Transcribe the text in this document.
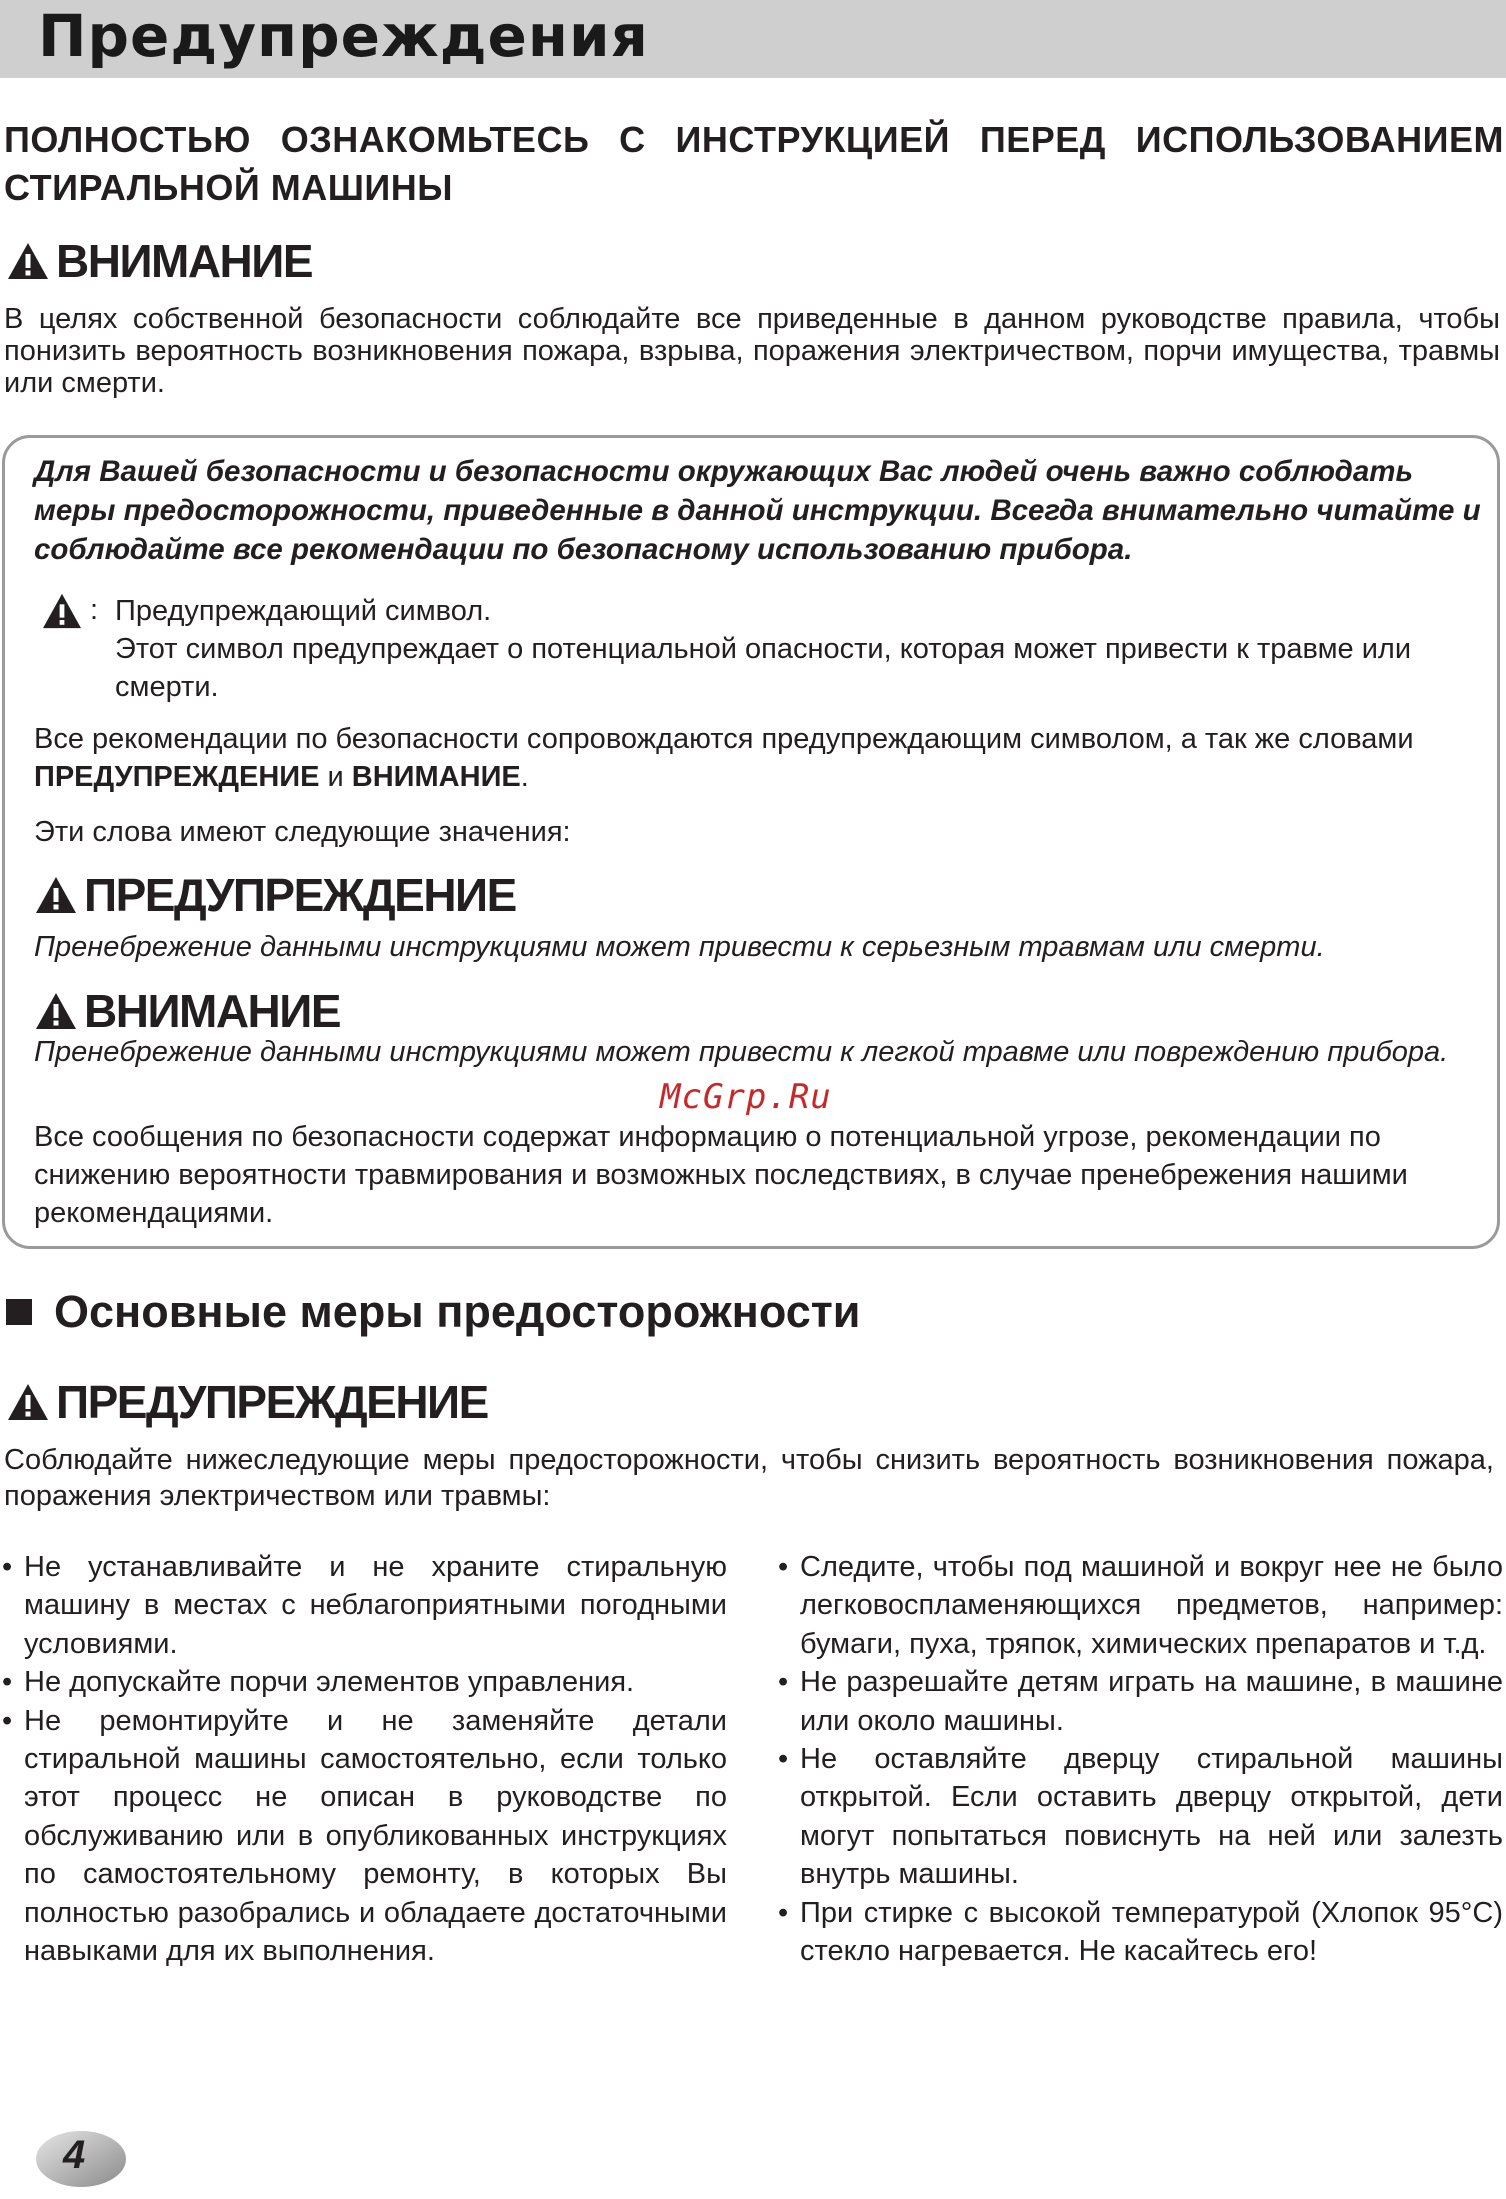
Предупреждения
ПОЛНОСТЬЮ ОЗНАКОМЬТЕСЬ С ИНСТРУКЦИЕЙ ПЕРЕД ИСПОЛЬЗОВАНИЕМ СТИРАЛЬНОЙ МАШИНЫ
ВНИМАНИЕ
В целях собственной безопасности соблюдайте все приведенные в данном руководстве правила, чтобы понизить вероятность возникновения пожара, взрыва, поражения электричеством, порчи имущества, травмы или смерти.
Для Вашей безопасности и безопасности окружающих Вас людей очень важно соблюдать меры предосторожности, приведенные в данной инструкции. Всегда внимательно читайте и соблюдайте все рекомендации по безопасному использованию прибора.
: Предупреждающий символ.
Этот символ предупреждает о потенциальной опасности, которая может привести к травме или смерти.
Все рекомендации по безопасности сопровождаются предупреждающим символом, а так же словами ПРЕДУПРЕЖДЕНИЕ и ВНИМАНИЕ.
Эти слова имеют следующие значения:
ПРЕДУПРЕЖДЕНИЕ
Пренебрежение данными инструкциями может привести к серьезным травмам или смерти.
ВНИМАНИЕ
Пренебрежение данными инструкциями может привести к легкой травме или повреждению прибора.
McGrp.Ru
Все сообщения по безопасности содержат информацию о потенциальной угрозе, рекомендации по снижению вероятности травмирования и возможных последствиях, в случае пренебрежения нашими рекомендациями.
Основные меры предосторожности
ПРЕДУПРЕЖДЕНИЕ
Соблюдайте нижеследующие меры предосторожности, чтобы снизить вероятность возникновения пожара, поражения электричеством или травмы:
• Не устанавливайте и не храните стиральную машину в местах с неблагоприятными погодными условиями.
• Не допускайте порчи элементов управления.
• Не ремонтируйте и не заменяйте детали стиральной машины самостоятельно, если только этот процесс не описан в руководстве по обслуживанию или в опубликованных инструкциях по самостоятельному ремонту, в которых Вы полностью разобрались и обладаете достаточными навыками для их выполнения.
• Следите, чтобы под машиной и вокруг нее не было легковоспламеняющихся предметов, например: бумаги, пуха, тряпок, химических препаратов и т.д.
• Не разрешайте детям играть на машине, в машине или около машины.
• Не оставляйте дверцу стиральной машины открытой. Если оставить дверцу открытой, дети могут попытаться повиснуть на ней или залезть внутрь машины.
• При стирке с высокой температурой (Хлопок 95°C) стекло нагревается. Не касайтесь его!
4
